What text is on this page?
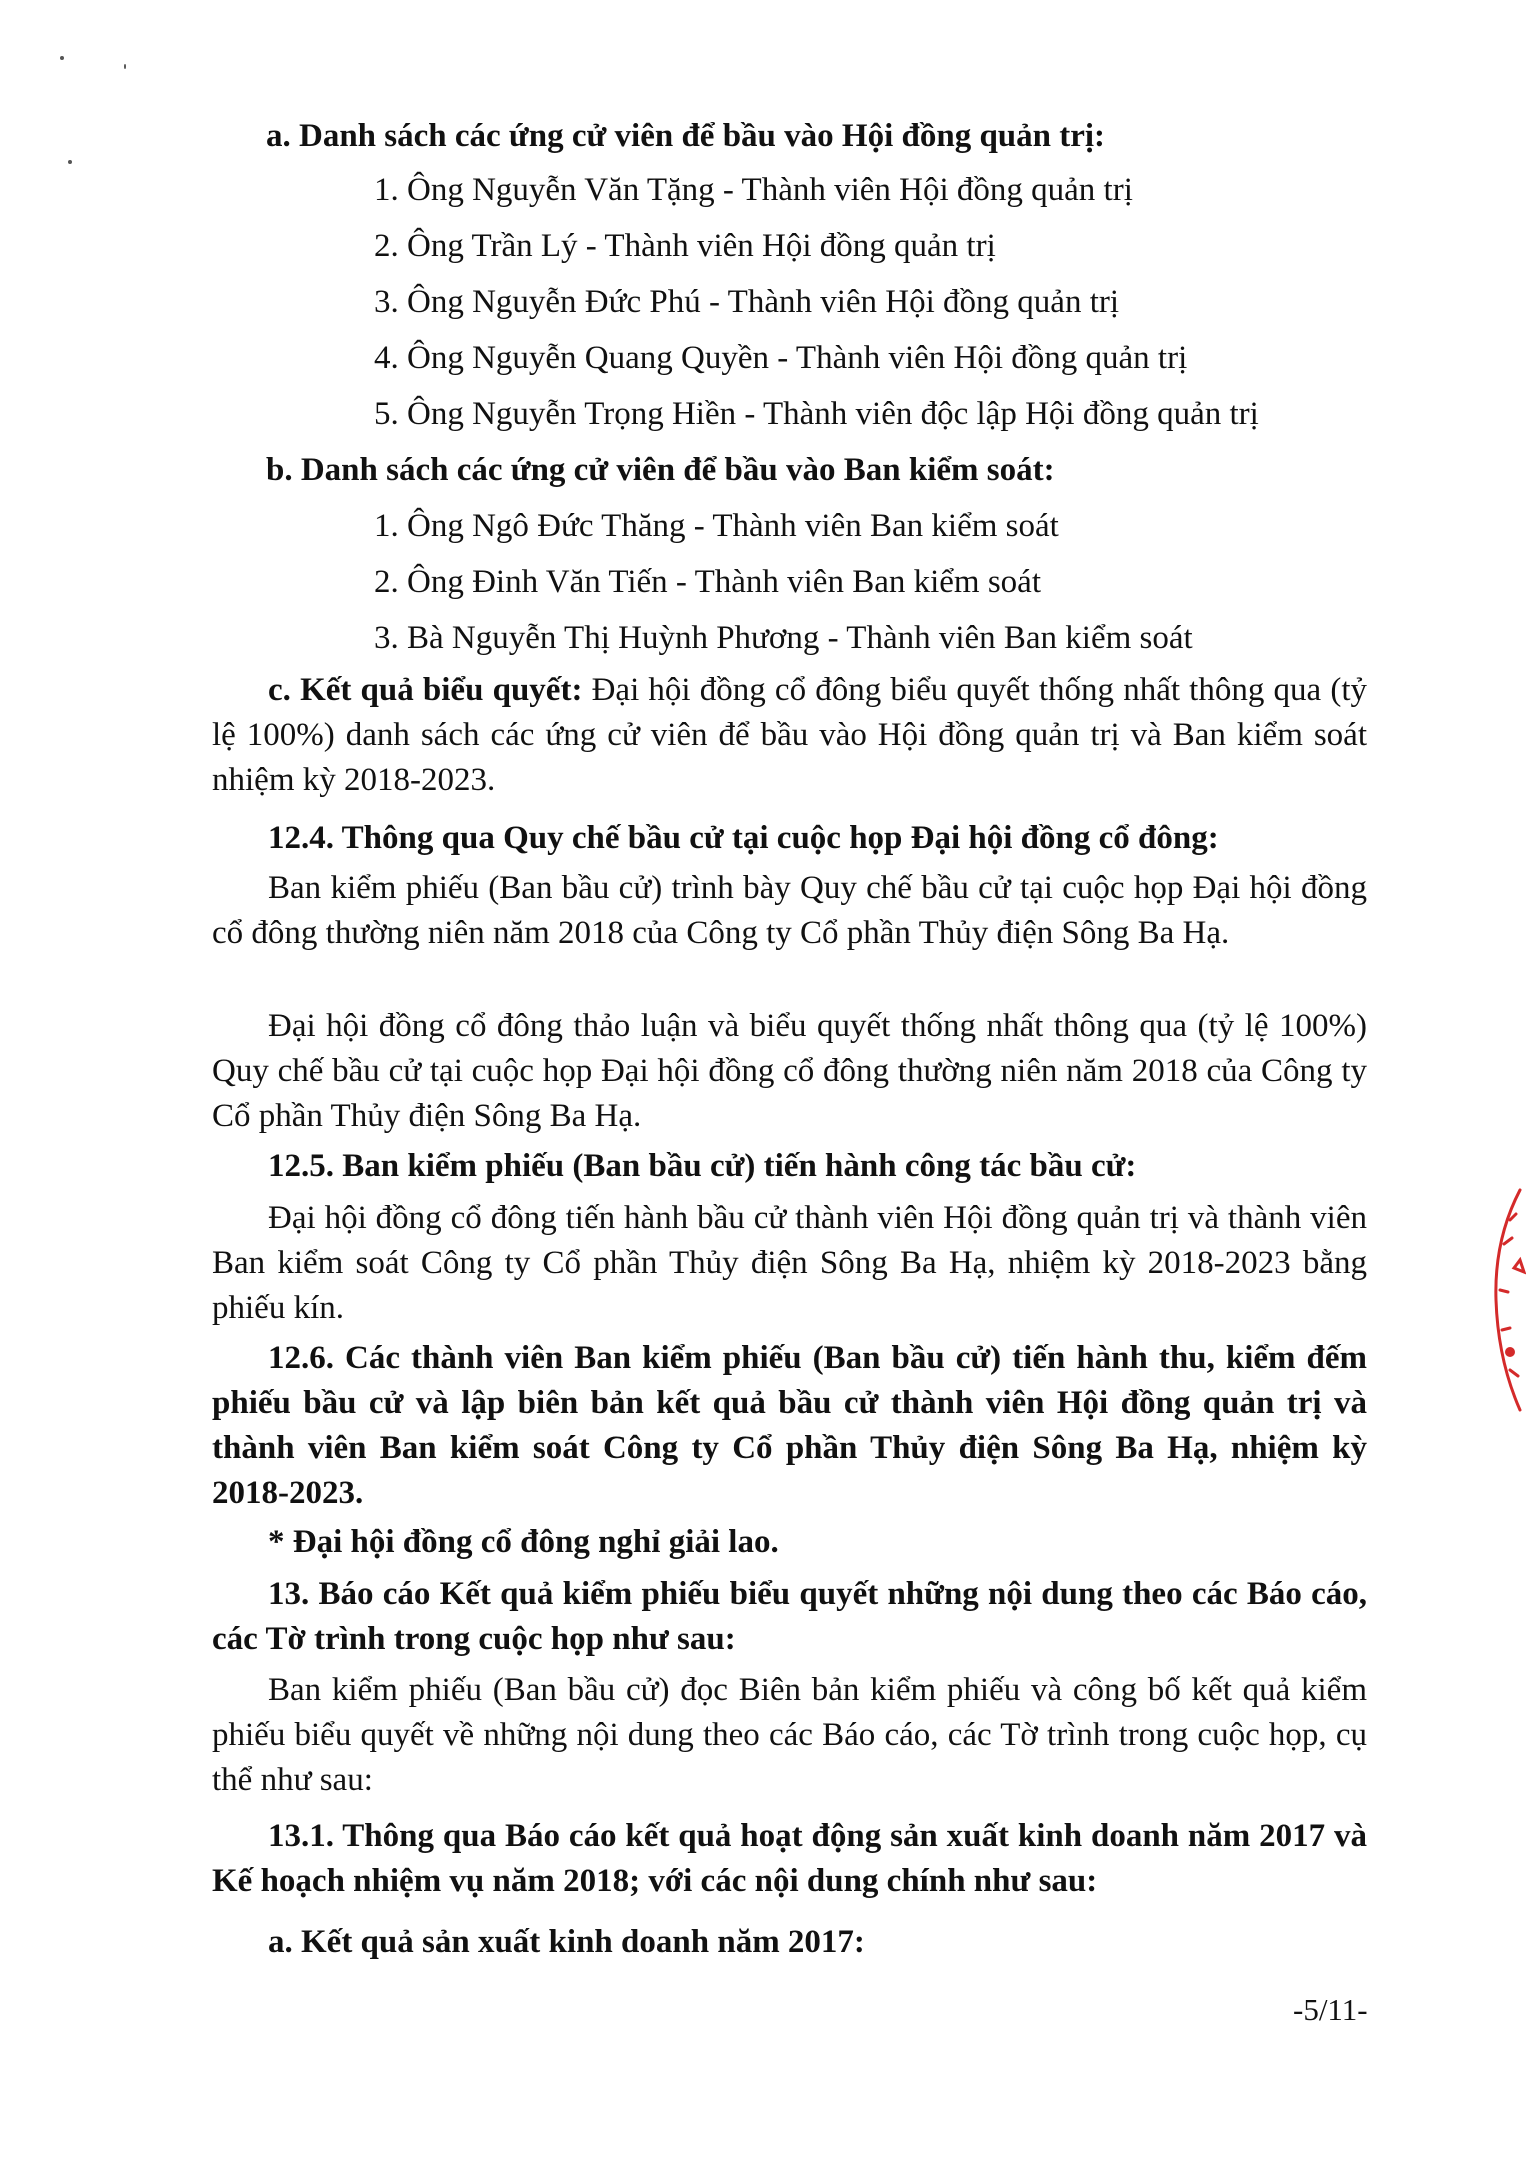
a. Danh sách các ứng cử viên để bầu vào Hội đồng quản trị:
1. Ông Nguyễn Văn Tặng - Thành viên Hội đồng quản trị
2. Ông Trần Lý - Thành viên Hội đồng quản trị
3. Ông Nguyễn Đức Phú - Thành viên Hội đồng quản trị
4. Ông Nguyễn Quang Quyền - Thành viên Hội đồng quản trị
5. Ông Nguyễn Trọng Hiền - Thành viên độc lập Hội đồng quản trị
b. Danh sách các ứng cử viên để bầu vào Ban kiểm soát:
1. Ông Ngô Đức Thăng - Thành viên Ban kiểm soát
2. Ông Đinh Văn Tiến - Thành viên Ban kiểm soát
3. Bà Nguyễn Thị Huỳnh Phương - Thành viên Ban kiểm soát
c. Kết quả biểu quyết: Đại hội đồng cổ đông biểu quyết thống nhất thông qua (tỷ lệ 100%) danh sách các ứng cử viên để bầu vào Hội đồng quản trị và Ban kiểm soát nhiệm kỳ 2018-2023.
12.4. Thông qua Quy chế bầu cử tại cuộc họp Đại hội đồng cổ đông:
Ban kiểm phiếu (Ban bầu cử) trình bày Quy chế bầu cử tại cuộc họp Đại hội đồng cổ đông thường niên năm 2018 của Công ty Cổ phần Thủy điện Sông Ba Hạ.
Đại hội đồng cổ đông thảo luận và biểu quyết thống nhất thông qua (tỷ lệ 100%) Quy chế bầu cử tại cuộc họp Đại hội đồng cổ đông thường niên năm 2018 của Công ty Cổ phần Thủy điện Sông Ba Hạ.
12.5. Ban kiểm phiếu (Ban bầu cử) tiến hành công tác bầu cử:
Đại hội đồng cổ đông tiến hành bầu cử thành viên Hội đồng quản trị và thành viên Ban kiểm soát Công ty Cổ phần Thủy điện Sông Ba Hạ, nhiệm kỳ 2018-2023 bằng phiếu kín.
12.6. Các thành viên Ban kiểm phiếu (Ban bầu cử) tiến hành thu, kiểm đếm phiếu bầu cử và lập biên bản kết quả bầu cử thành viên Hội đồng quản trị và thành viên Ban kiểm soát Công ty Cổ phần Thủy điện Sông Ba Hạ, nhiệm kỳ 2018-2023.
* Đại hội đồng cổ đông nghỉ giải lao.
13. Báo cáo Kết quả kiểm phiếu biểu quyết những nội dung theo các Báo cáo, các Tờ trình trong cuộc họp như sau:
Ban kiểm phiếu (Ban bầu cử) đọc Biên bản kiểm phiếu và công bố kết quả kiểm phiếu biểu quyết về những nội dung theo các Báo cáo, các Tờ trình trong cuộc họp, cụ thể như sau:
13.1. Thông qua Báo cáo kết quả hoạt động sản xuất kinh doanh năm 2017 và Kế hoạch nhiệm vụ năm 2018; với các nội dung chính như sau:
a. Kết quả sản xuất kinh doanh năm 2017:
-5/11-
